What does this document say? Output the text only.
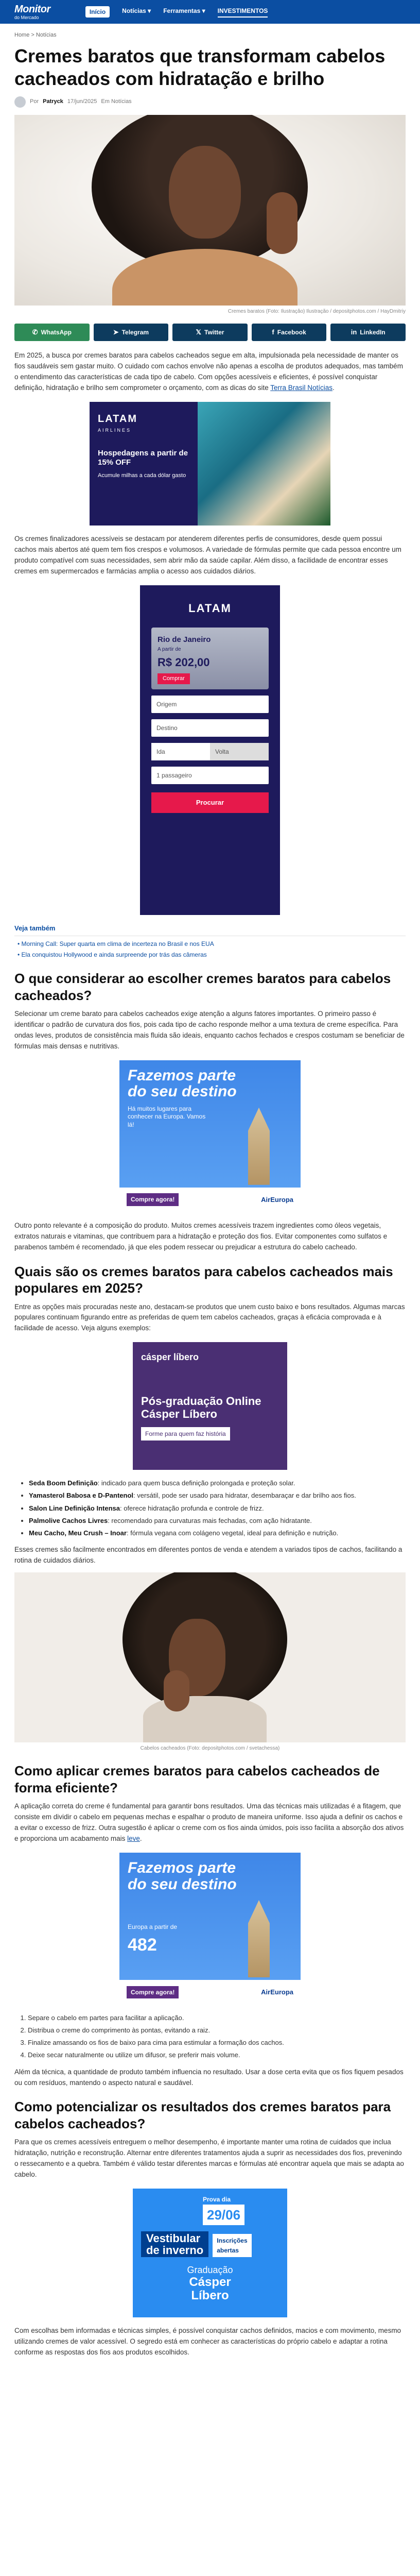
Monitor
do Mercado
Início	Notícias ▾ Ferramentas ▾ INVESTIMENTOS
Home > Notícias
Cremes baratos que transformam cabelos cacheados com hidratação e brilho
Por Patryck 17/jun/2025 Em Notícias
Cremes baratos (Foto: Ilustração) Ilustração / depositphotos.com / HayDmitriy
✆ WhatsApp	➤ Telegram	𝕏 Twitter	f Facebook	in LinkedIn

Em 2025, a busca por cremes baratos para cabelos cacheados segue em alta, impulsionada pela necessidade de manter os fios saudáveis sem gastar muito. O cuidado com cachos envolve não apenas a escolha de produtos adequados, mas também o entendimento das características de cada tipo de cabelo. Com opções acessíveis e eficientes, é possível conquistar definição, hidratação e brilho sem comprometer o orçamento, com as dicas do site Terra Brasil Notícias.

LATAM
AIRLINES
Hospedagens a partir de 15% OFF
Acumule milhas a cada dólar gasto

Os cremes finalizadores acessíveis se destacam por atenderem diferentes perfis de consumidores, desde quem possui cachos mais abertos até quem tem fios crespos e volumosos. A variedade de fórmulas permite que cada pessoa encontre um produto compatível com suas necessidades, sem abrir mão da saúde capilar. Além disso, a facilidade de encontrar esses cremes em supermercados e farmácias amplia o acesso aos cuidados diários.

LATAM
Rio de Janeiro
A partir de
R$ 202,00
Comprar
Origem
Destino
Ida	Volta
1 passageiro
Procurar
Veja também
• Morning Call: Super quarta em clima de incerteza no Brasil e nos EUA
• Ela conquistou Hollywood e ainda surpreende por trás das câmeras
O que considerar ao escolher cremes baratos para cabelos cacheados?

Selecionar um creme barato para cabelos cacheados exige atenção a alguns fatores importantes. O primeiro passo é identificar o padrão de curvatura dos fios, pois cada tipo de cacho responde melhor a uma textura de creme específica. Para ondas leves, produtos de consistência mais fluida são ideais, enquanto cachos fechados e crespos costumam se beneficiar de fórmulas mais densas e nutritivas.

Fazemos parte
do seu destino
Há muitos lugares para conhecer na Europa. Vamos lá!
Compre agora!	AirEuropa

Outro ponto relevante é a composição do produto. Muitos cremes acessíveis trazem ingredientes como óleos vegetais, extratos naturais e vitaminas, que contribuem para a hidratação e proteção dos fios. Evitar componentes como sulfatos e parabenos também é recomendado, já que eles podem ressecar ou prejudicar a estrutura do cabelo cacheado.

Quais são os cremes baratos para cabelos cacheados mais populares em 2025?

Entre as opções mais procuradas neste ano, destacam-se produtos que unem custo baixo e bons resultados. Algumas marcas populares continuam figurando entre as preferidas de quem tem cabelos cacheados, graças à eficácia comprovada e à facilidade de acesso. Veja alguns exemplos:

cásper líbero
Pós-graduação Online
Cásper Líbero
Forme para quem faz história
• Seda Boom Definição: indicado para quem busca definição prolongada e proteção solar.
• Yamasterol Babosa e D-Pantenol: versátil, pode ser usado para hidratar, desembaraçar e dar brilho aos fios.
• Salon Line Definição Intensa: oferece hidratação profunda e controle de frizz.
• Palmolive Cachos Livres: recomendado para curvaturas mais fechadas, com ação hidratante.
• Meu Cacho, Meu Crush – Inoar: fórmula vegana com colágeno vegetal, ideal para definição e nutrição.

Esses cremes são facilmente encontrados em diferentes pontos de venda e atendem a variados tipos de cachos, facilitando a rotina de cuidados diários.

Cabelos cacheados (Foto: depositphotos.com / svetachessa)
Como aplicar cremes baratos para cabelos cacheados de forma eficiente?

A aplicação correta do creme é fundamental para garantir bons resultados. Uma das técnicas mais utilizadas é a fitagem, que consiste em dividir o cabelo em pequenas mechas e espalhar o produto de maneira uniforme. Isso ajuda a definir os cachos e a evitar o excesso de frizz. Outra sugestão é aplicar o creme com os fios ainda úmidos, pois isso facilita a absorção dos ativos e proporciona um acabamento mais leve.

Fazemos parte
do seu destino
Europa a partir de
482
Compre agora!	AirEuropa
1. Separe o cabelo em partes para facilitar a aplicação.
2. Distribua o creme do comprimento às pontas, evitando a raiz.
3. Finalize amassando os fios de baixo para cima para estimular a formação dos cachos.
4. Deixe secar naturalmente ou utilize um difusor, se preferir mais volume.

Além da técnica, a quantidade de produto também influencia no resultado. Usar a dose certa evita que os fios fiquem pesados ou com resíduos, mantendo o aspecto natural e saudável.

Como potencializar os resultados dos cremes baratos para cabelos cacheados?

Para que os cremes acessíveis entreguem o melhor desempenho, é importante manter uma rotina de cuidados que inclua hidratação, nutrição e reconstrução. Alternar entre diferentes tratamentos ajuda a suprir as necessidades dos fios, prevenindo o ressecamento e a quebra. Também é válido testar diferentes marcas e fórmulas até encontrar aquela que mais se adapta ao cabelo.

Prova dia
29/06
Vestibular
de inverno
Inscrições
abertas
Graduação
Cásper
Líbero

Com escolhas bem informadas e técnicas simples, é possível conquistar cachos definidos, macios e com movimento, mesmo utilizando cremes de valor acessível. O segredo está em conhecer as características do próprio cabelo e adaptar a rotina conforme as respostas dos fios aos produtos escolhidos.
